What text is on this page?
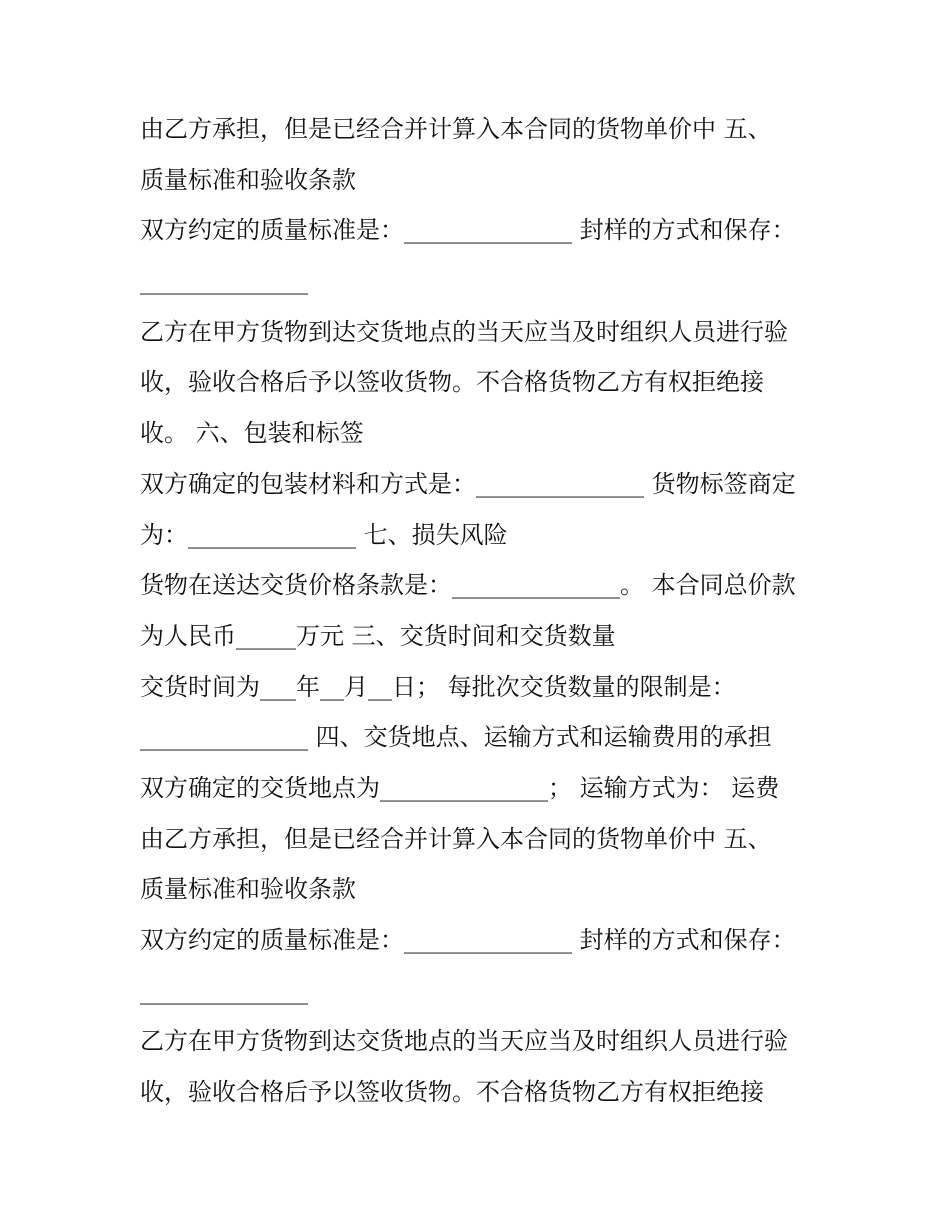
由乙方承担，但是已经合并计算入本合同的货物单价中 五、
质量标准和验收条款
双方约定的质量标准是：______________ 封样的方式和保存：
______________
乙方在甲方货物到达交货地点的当天应当及时组织人员进行验
收，验收合格后予以签收货物。不合格货物乙方有权拒绝接
收。 六、包装和标签
双方确定的包装材料和方式是：______________ 货物标签商定
为：______________ 七、损失风险
货物在送达交货价格条款是：______________。 本合同总价款
为人民币_____万元 三、交货时间和交货数量
交货时间为___年__月__日； 每批次交货数量的限制是：
______________ 四、交货地点、运输方式和运输费用的承担
双方确定的交货地点为______________； 运输方式为： 运费
由乙方承担，但是已经合并计算入本合同的货物单价中 五、
质量标准和验收条款
双方约定的质量标准是：______________ 封样的方式和保存：
______________
乙方在甲方货物到达交货地点的当天应当及时组织人员进行验
收，验收合格后予以签收货物。不合格货物乙方有权拒绝接
